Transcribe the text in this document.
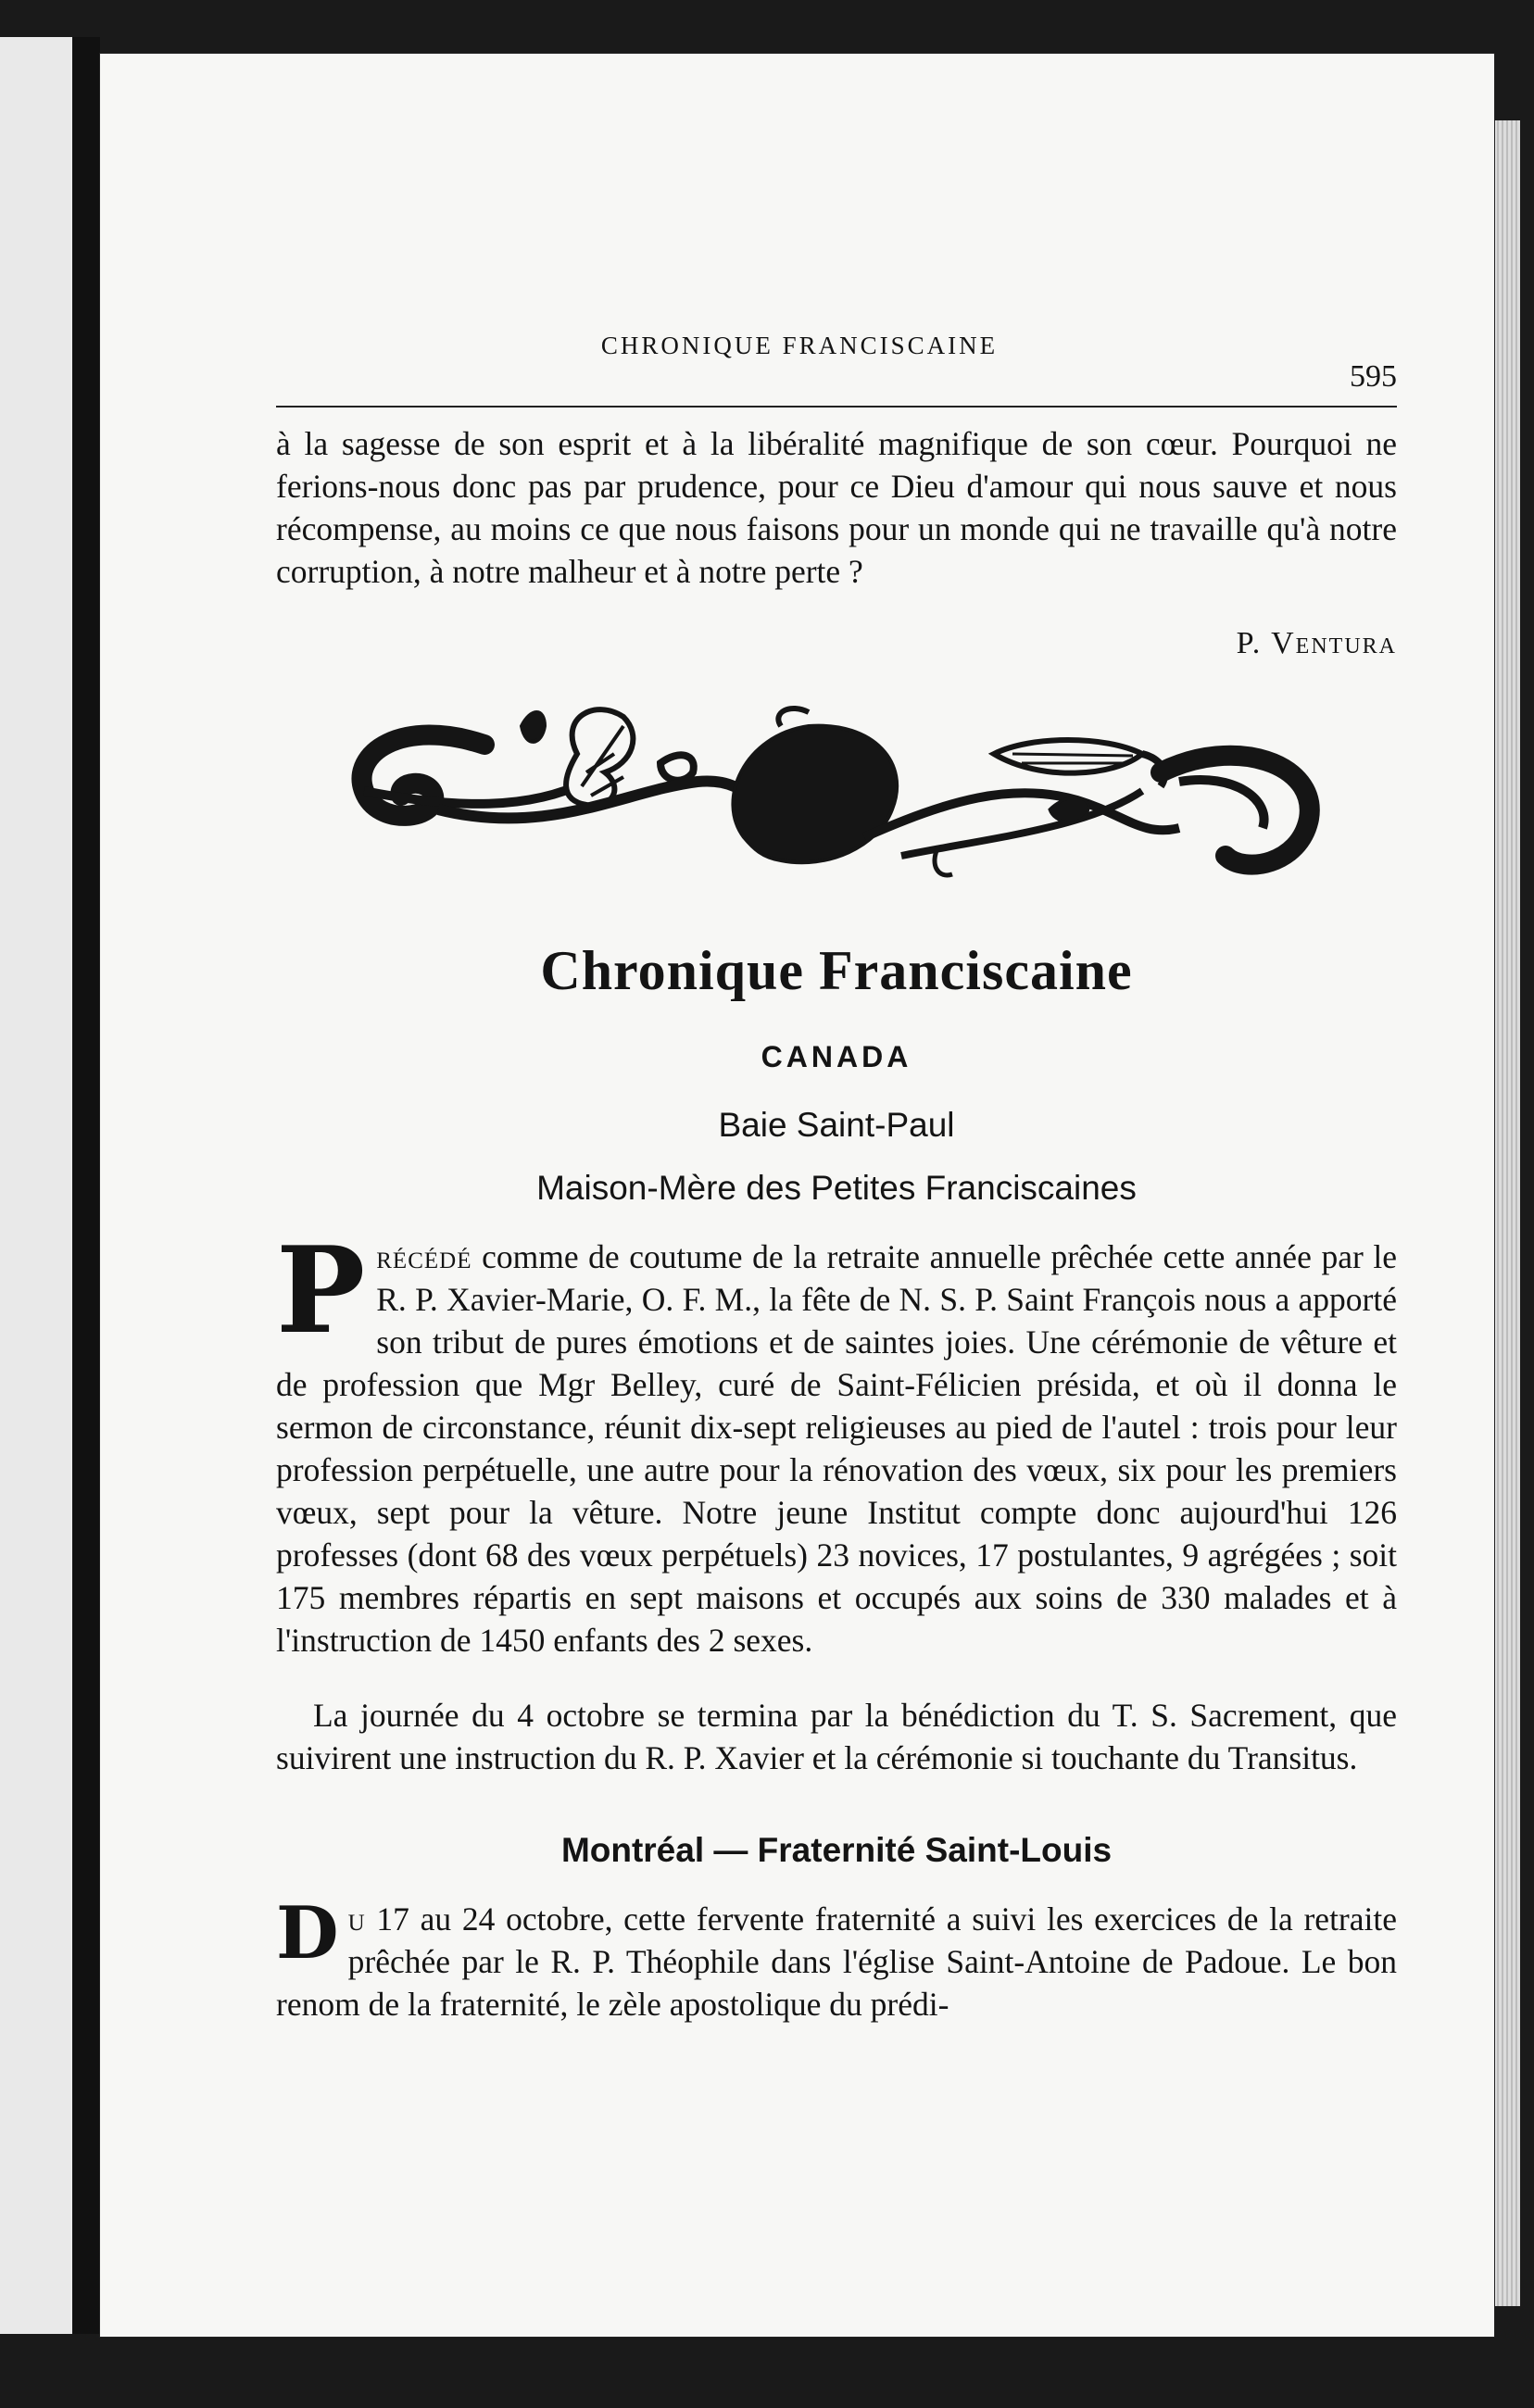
CHRONIQUE FRANCISCAINE
595

à la sagesse de son esprit et à la libéralité magnifique de son cœur. Pourquoi ne ferions-nous donc pas par prudence, pour ce Dieu d'amour qui nous sauve et nous récompense, au moins ce que nous faisons pour un monde qui ne travaille qu'à notre corruption, à notre malheur et à notre perte ?

P. Ventura
Chronique Franciscaine
CANADA
Baie Saint-Paul
Maison-Mère des Petites Franciscaines

Précédé comme de coutume de la retraite annuelle prêchée cette année par le R. P. Xavier-Marie, O. F. M., la fête de N. S. P. Saint François nous a apporté son tribut de pures émotions et de saintes joies. Une cérémonie de vêture et de profession que Mgr Belley, curé de Saint-Félicien présida, et où il donna le sermon de circonstance, réunit dix-sept religieuses au pied de l'autel : trois pour leur profession perpétuelle, une autre pour la rénovation des vœux, six pour les premiers vœux, sept pour la vêture. Notre jeune Institut compte donc aujourd'hui 126 professes (dont 68 des vœux perpétuels) 23 novices, 17 postulantes, 9 agrégées ; soit 175 membres répartis en sept maisons et occupés aux soins de 330 malades et à l'instruction de 1450 enfants des 2 sexes.

La journée du 4 octobre se termina par la bénédiction du T. S. Sacrement, que suivirent une instruction du R. P. Xavier et la cérémonie si touchante du Transitus.

Montréal — Fraternité Saint-Louis

Du 17 au 24 octobre, cette fervente fraternité a suivi les exercices de la retraite prêchée par le R. P. Théophile dans l'église Saint-Antoine de Padoue. Le bon renom de la fraternité, le zèle apostolique du prédi-
